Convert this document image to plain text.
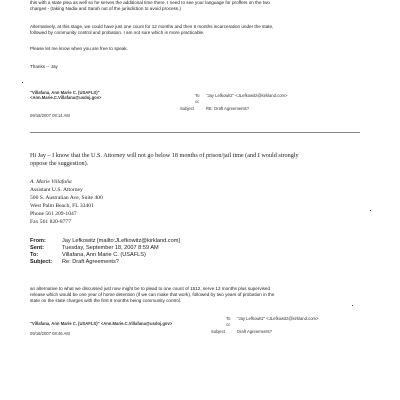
this with a state plea as well so he serves the additional time there. I need to see your language for proffers on the two
charges - (taking Nadia and Sarah out of the jurisdiction to avoid process.)
Alternatively, at this stage, we could have just one count for 12 months and then 6 months incarceration under the state,
followed by community control and probation. I am not sure which is more practicable.
Please let me know when you are free to speak.
Thanks -- Jay
"Villafana, Ann Marie C. (USAFLS)"
<Ann.Marie.C.Villafana@usdoj.gov>
09/18/2007 08:14 AM
To "Jay Lefkowitz" <JLefkowitz@kirkland.com>
cc
Subject	RE: Draft Agreements?
Hi Jay – I know that the U.S. Attorney will not go below 18 months of prison/jail time (and I would strongly
oppose the suggestion).
A. Marie Villafaña
Assistant U.S. Attorney
500 S. Australian Ave, Suite 400
West Palm Beach, FL 33401
Phone 561 209-1047
Fax 561 820-8777
From:	Jay Lefkowitz [mailto:JLefkowitz@kirkland.com]
Sent:	Tuesday, September 18, 2007 8:59 AM
To:	Villafana, Ann Marie C. (USAFLS)
Subject: Re: Draft Agreements?
an alternative to what we discussed just now might be to plead to one count of 1512, serve 12 months plus supervised
release which would be one year of home detention (if we can make that work), followed by two years of probation in the
state on the state charges with the first 8 months being community control.
"Villafana, Ann Marie C. (USAFLS)" <Ann.Marie.C.Villafana@usdoj.gov>
09/18/2007 08:46 AM
To "Jay Lefkowitz" <JLefkowitz@kirkland.com>
cc
Subject	Draft Agreements?
